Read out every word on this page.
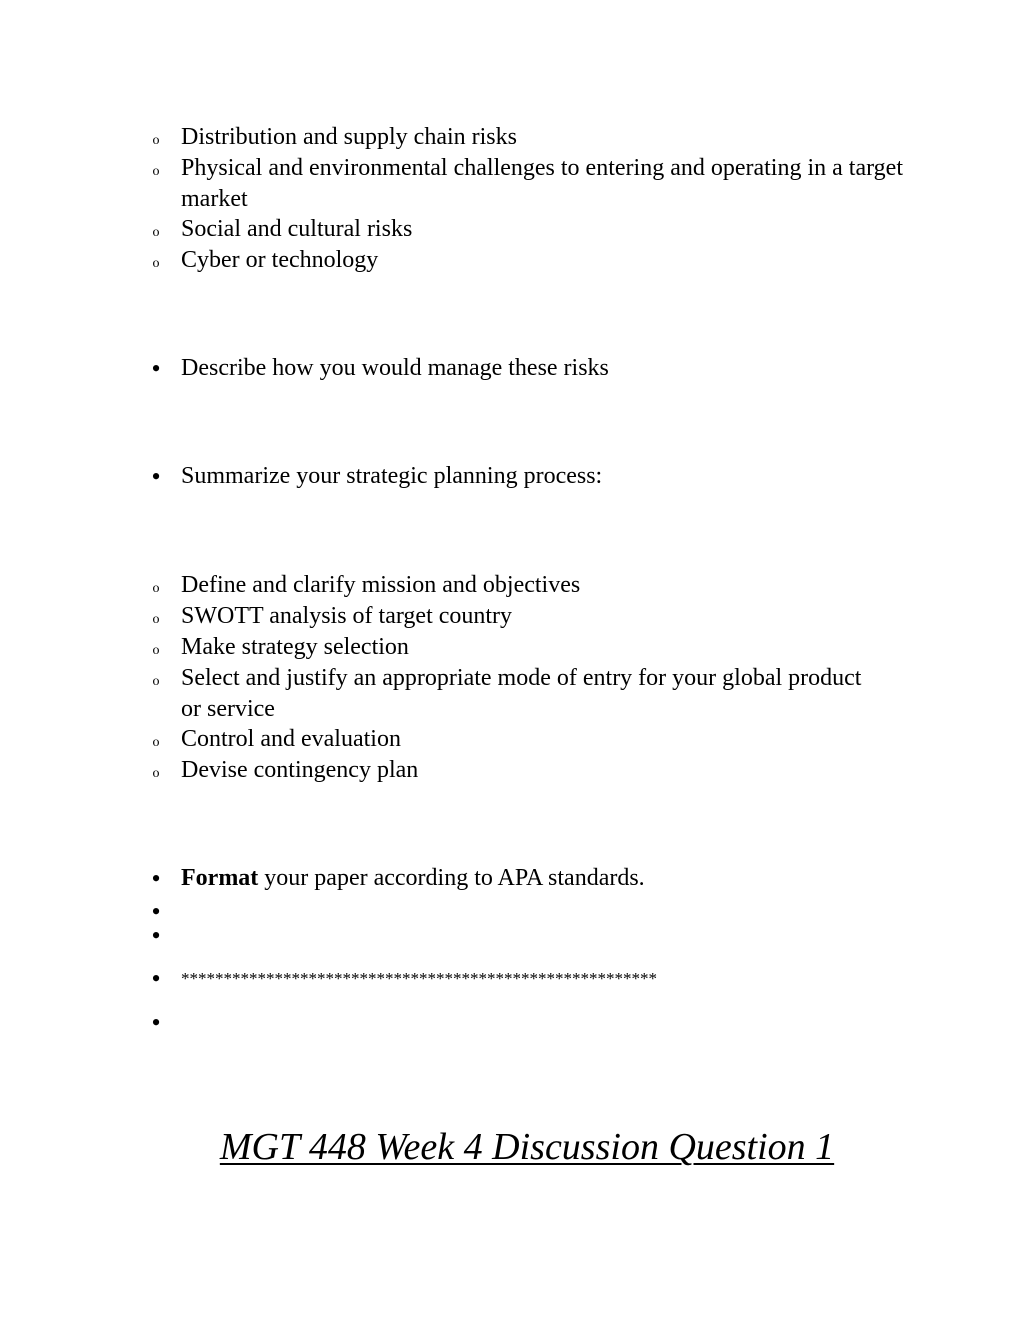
o Distribution and supply chain risks
o Physical and environmental challenges to entering and operating in a target market
o Social and cultural risks
o Cyber or technology
• Describe how you would manage these risks
• Summarize your strategic planning process:
o Define and clarify mission and objectives
o SWOTT analysis of target country
o Make strategy selection
o Select and justify an appropriate mode of entry for your global product or service
o Control and evaluation
o Devise contingency plan
• Format your paper according to APA standards.
•
•
•	********************************************************
•
MGT 448 Week 4 Discussion Question 1
